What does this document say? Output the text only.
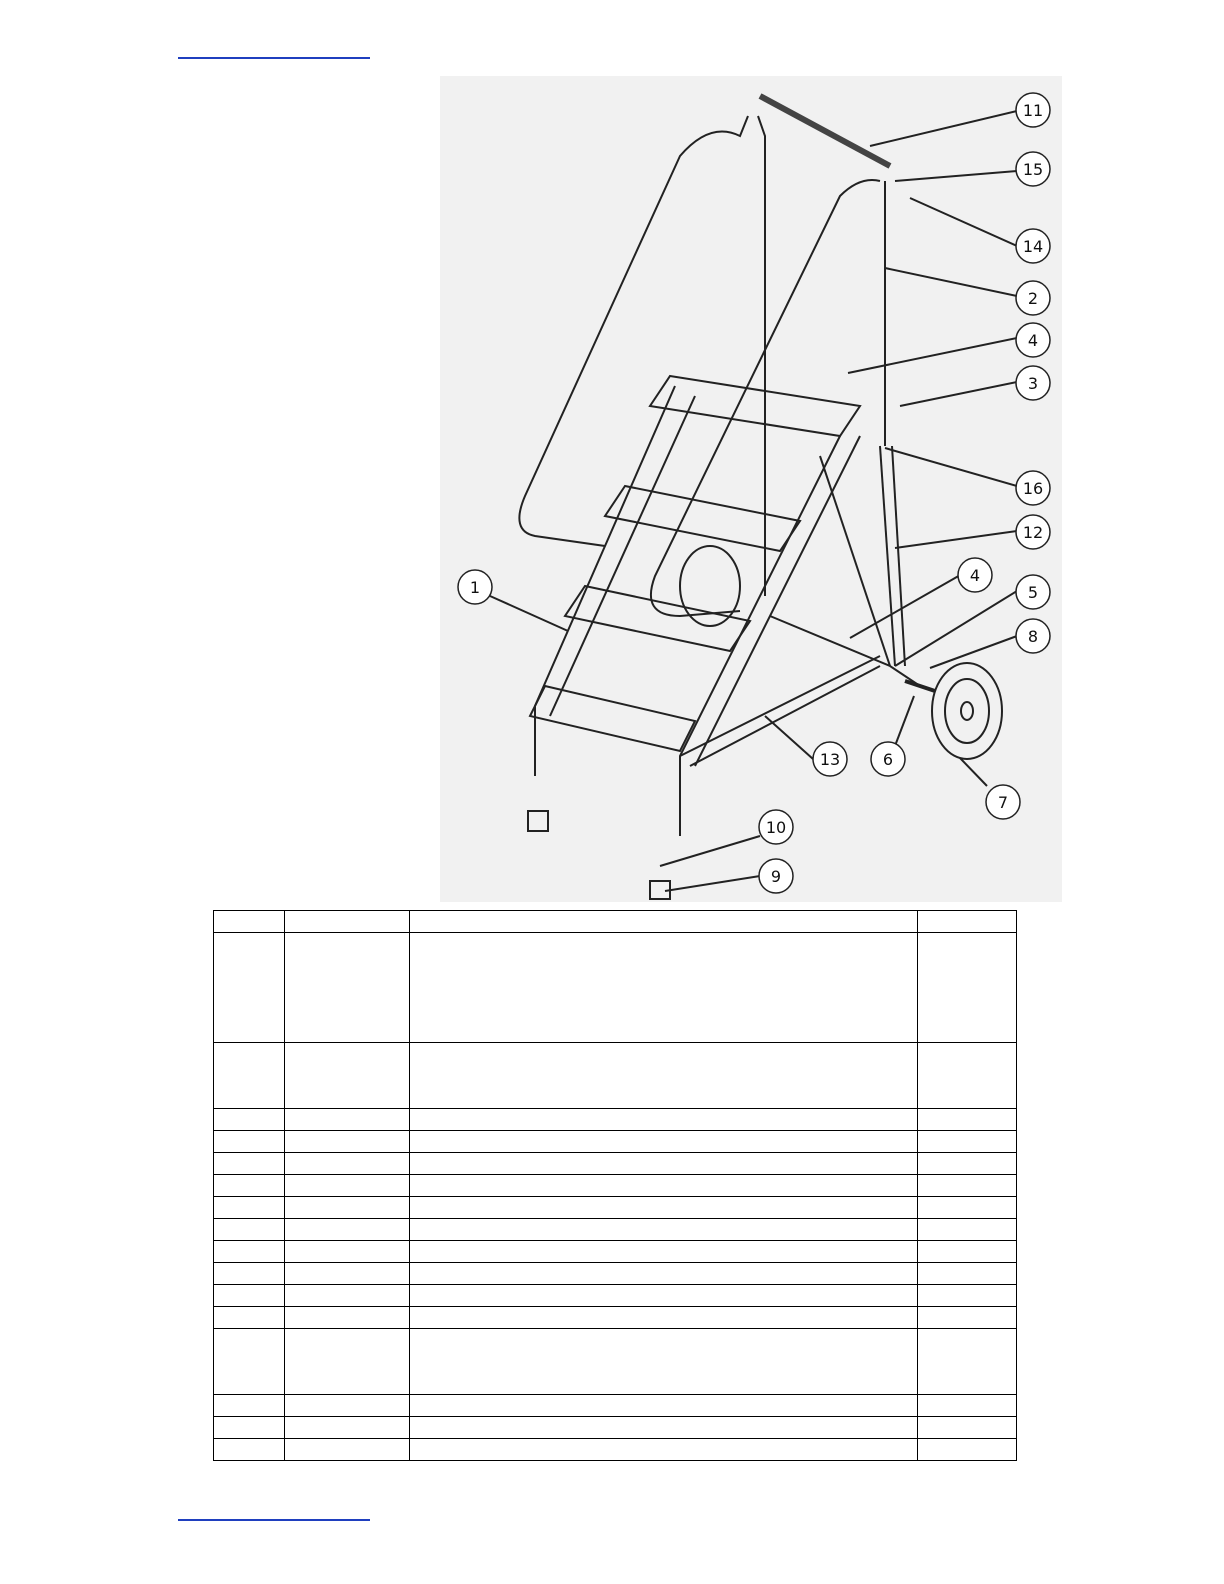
11
15
14
2
4
3
16
12
4
5
8
1
13	6
7
10
9
